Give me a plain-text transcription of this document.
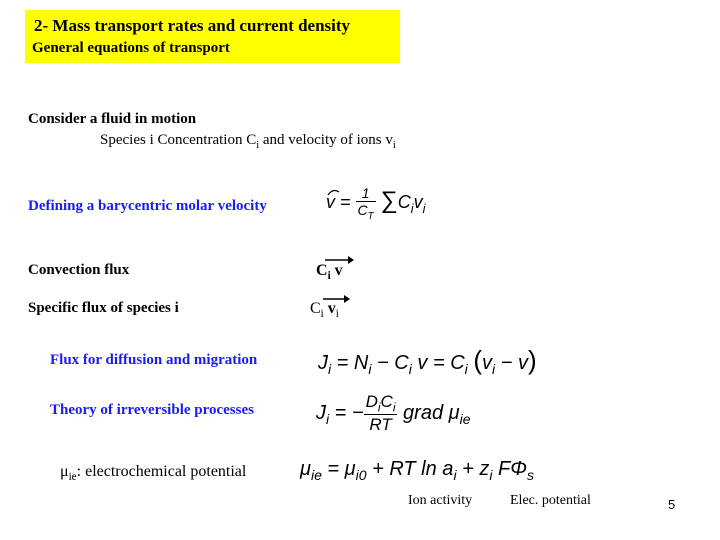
2- Mass transport rates and current density
General equations of transport
Consider a fluid in motion
Species i Concentration $C_i$ and velocity of ions $v_i$
Defining a barycentric molar velocity	$v = \frac{1}{C_T} \sum C_iv_i$
Convection flux	$C_i$ v
Specific flux of species i	$C_i$ $v_i$
Flux for diffusion and migration	$J_i = N_i - C_i$ $v = C_i$ $(v_i - v)$
Theory of irreversible processes	$J_i$ = − $\frac{D_iC_i}{RT}$ grad $\mu_{ie}$
$\mu_{ie}$: electrochemical potential	$\mu_{ie} = \mu_{i0}$ + RT $\ln a_i + z_i$ $F\Phi_s$
Ion activity	Elec. potential	5
